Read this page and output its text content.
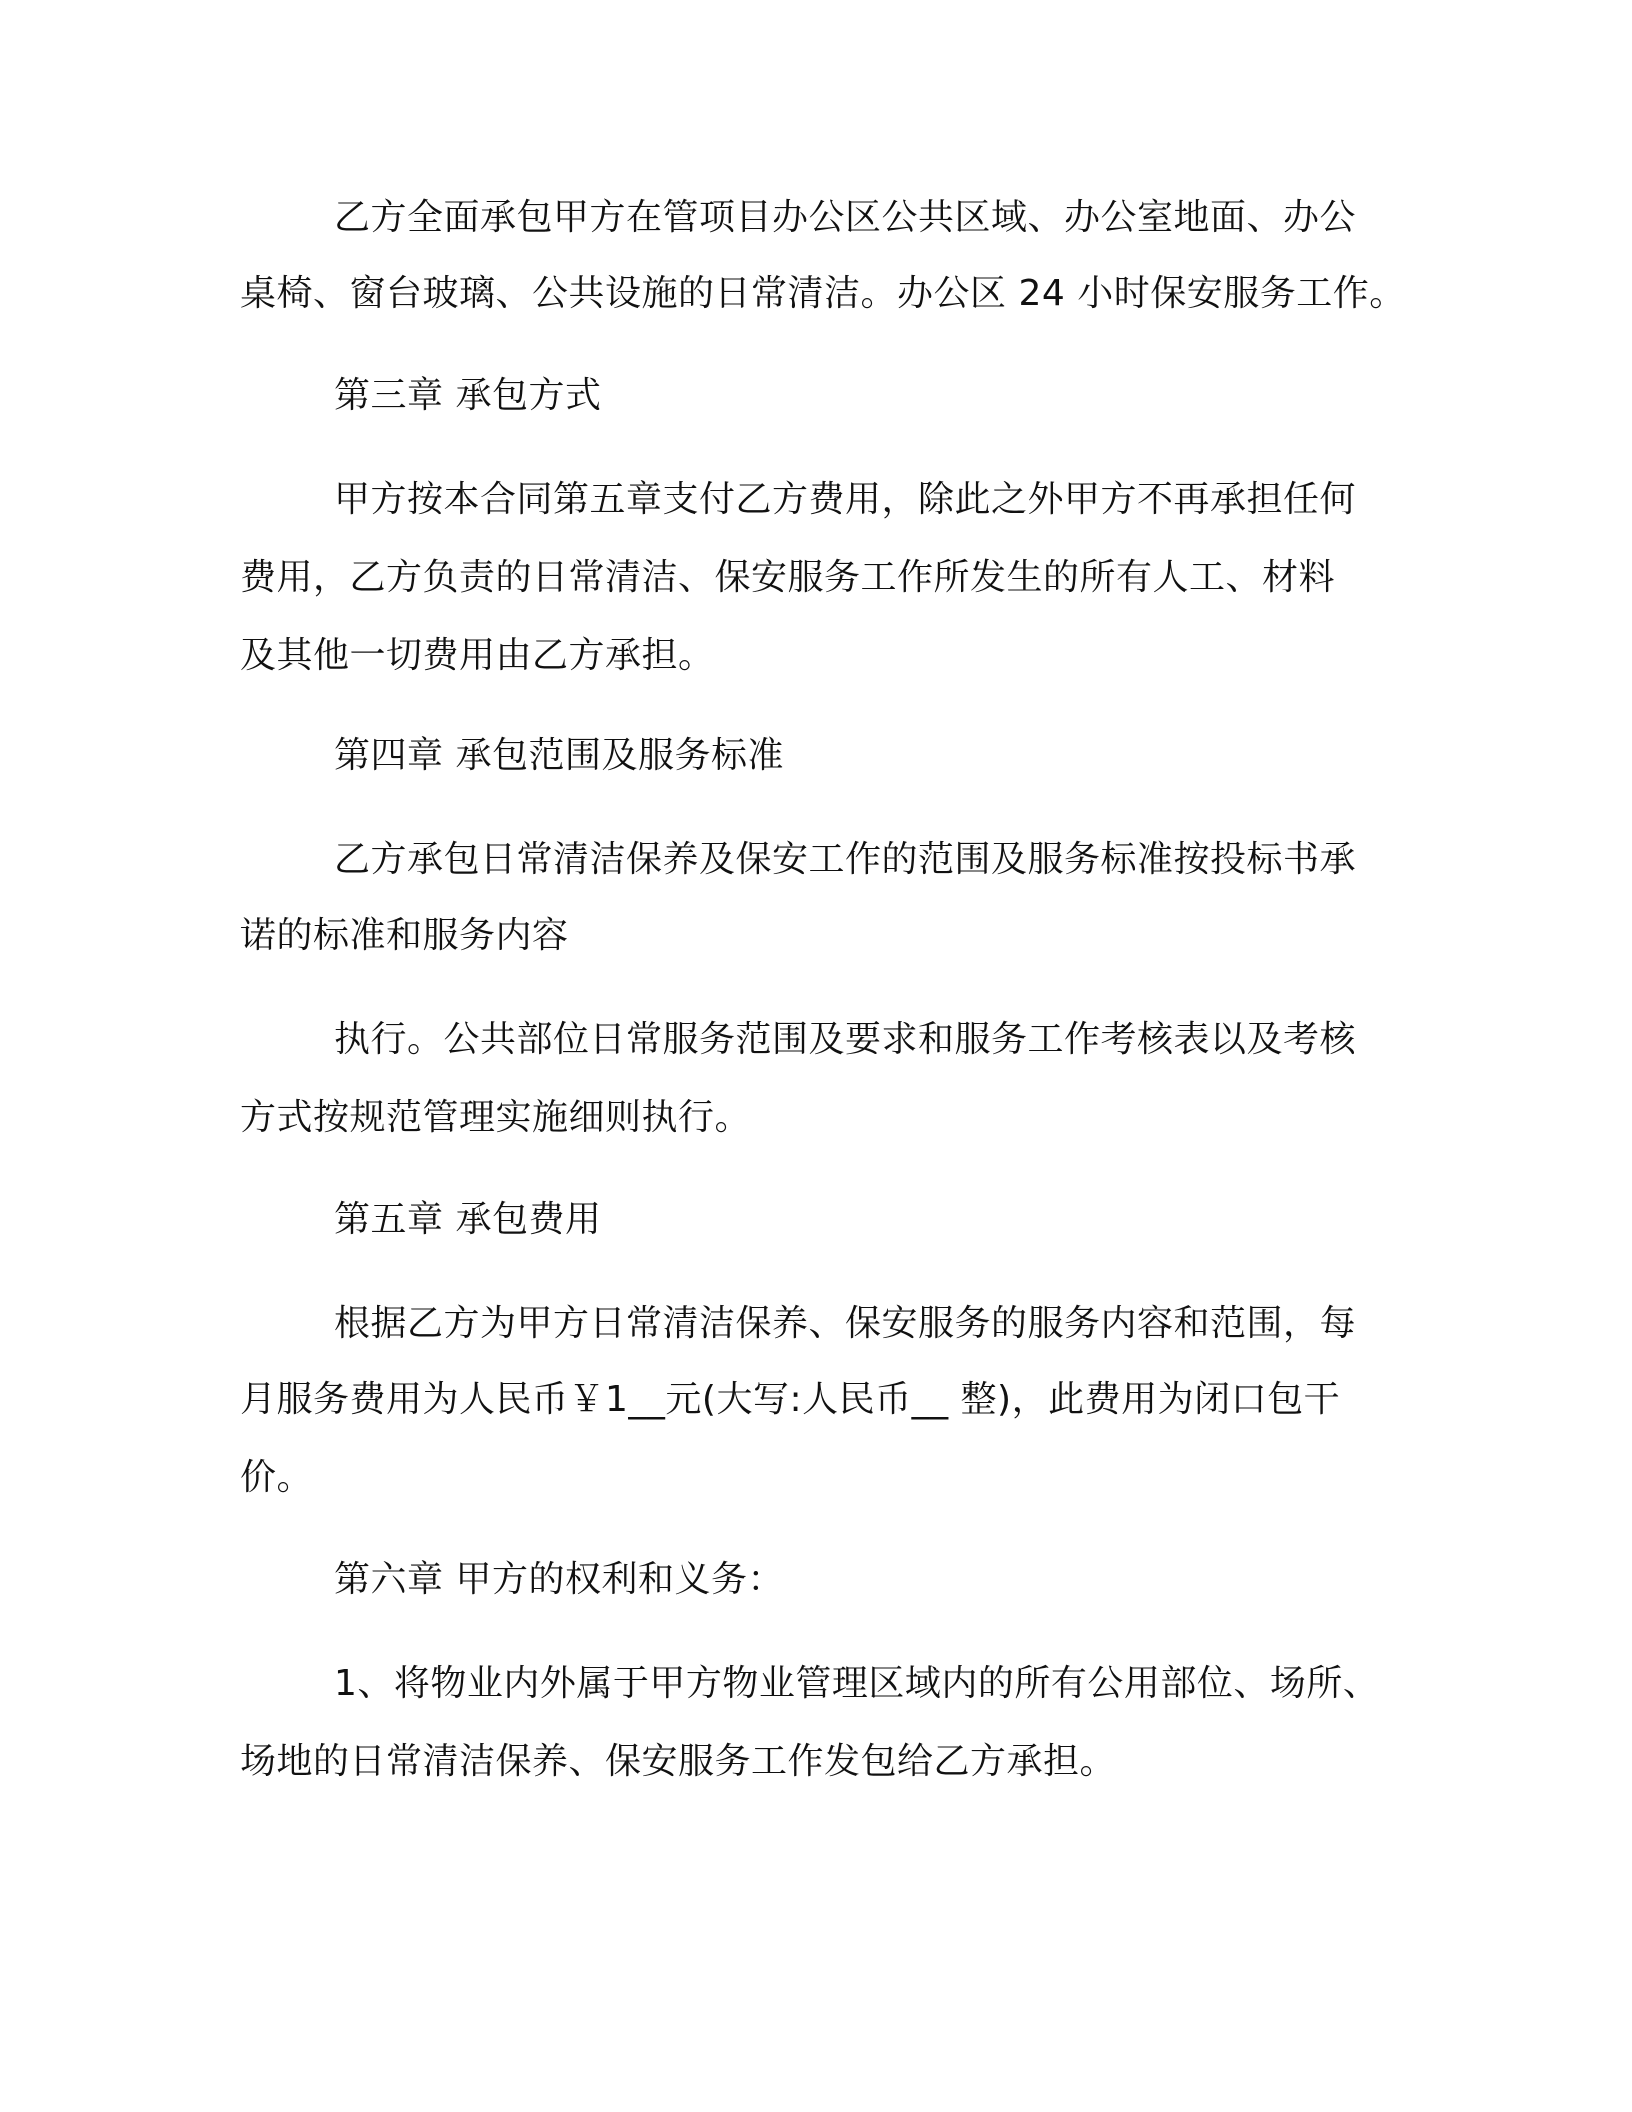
乙方全面承包甲方在管项目办公区公共区域、办公室地面、办公
桌椅、窗台玻璃、公共设施的日常清洁。办公区 24 小时保安服务工作。
第三章 承包方式
甲方按本合同第五章支付乙方费用，除此之外甲方不再承担任何
费用，乙方负责的日常清洁、保安服务工作所发生的所有人工、材料
及其他一切费用由乙方承担。
第四章 承包范围及服务标准
乙方承包日常清洁保养及保安工作的范围及服务标准按投标书承
诺的标准和服务内容
执行。公共部位日常服务范围及要求和服务工作考核表以及考核
方式按规范管理实施细则执行。
第五章 承包费用
根据乙方为甲方日常清洁保养、保安服务的服务内容和范围，每
月服务费用为人民币￥1__元(大写:人民币__ 整)，此费用为闭口包干
价。
第六章 甲方的权利和义务：
1、将物业内外属于甲方物业管理区域内的所有公用部位、场所、
场地的日常清洁保养、保安服务工作发包给乙方承担。
